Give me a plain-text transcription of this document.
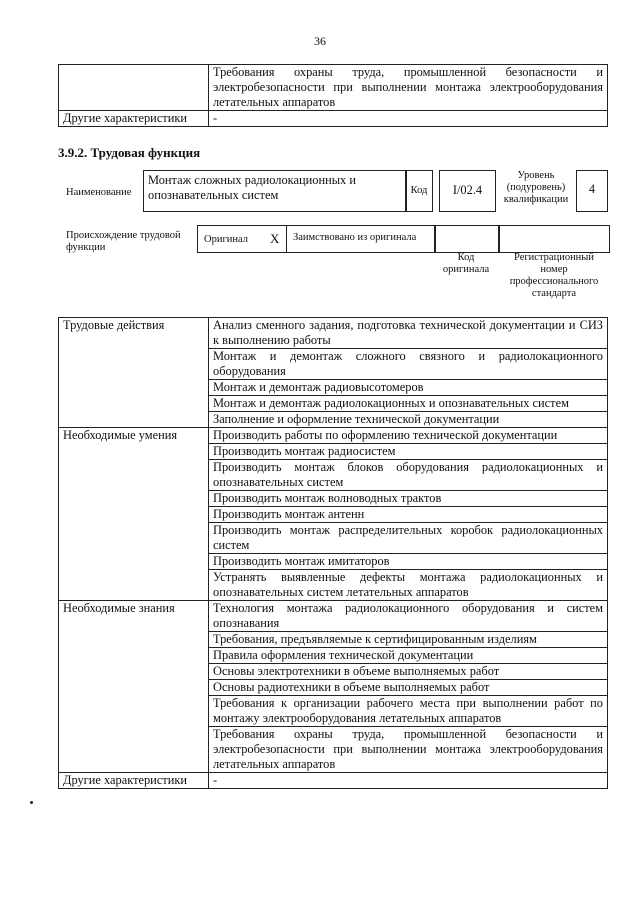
36
	Требования охраны труда, промышленной безопасности и электробезопасности при выполнении монтажа электрооборудования летательных аппаратов
Другие характеристики	-
3.9.2. Трудовая функция
Наименование
Монтаж сложных радиолокационных и опознавательных систем	Код	I/02.4
Уровень (подуровень) квалификации
4
Происхождение трудовой функции
Оригинал X Заимствовано из оригинала
Код оригинала
Регистрационный номер профессионального стандарта
Трудовые действия	Анализ сменного задания, подготовка технической документации и СИЗ к выполнению работы
	Монтаж и демонтаж сложного связного и радиолокационного оборудования
	Монтаж и демонтаж радиовысотомеров
	Монтаж и демонтаж радиолокационных и опознавательных систем
	Заполнение и оформление технической документации
Необходимые умения	Производить работы по оформлению технической документации
	Производить монтаж радиосистем
	Производить монтаж блоков оборудования радиолокационных и опознавательных систем
	Производить монтаж волноводных трактов
	Производить монтаж антенн
	Производить монтаж распределительных коробок радиолокационных систем
	Производить монтаж имитаторов
	Устранять выявленные дефекты монтажа радиолокационных и опознавательных систем летательных аппаратов
Необходимые знания	Технология монтажа радиолокационного оборудования и систем опознавания
	Требования, предъявляемые к сертифицированным изделиям
	Правила оформления технической документации
	Основы электротехники в объеме выполняемых работ
	Основы радиотехники в объеме выполняемых работ
	Требования к организации рабочего места при выполнении работ по монтажу электрооборудования летательных аппаратов
	Требования охраны труда, промышленной безопасности и электробезопасности при выполнении монтажа электрооборудования летательных аппаратов
Другие характеристики	-
